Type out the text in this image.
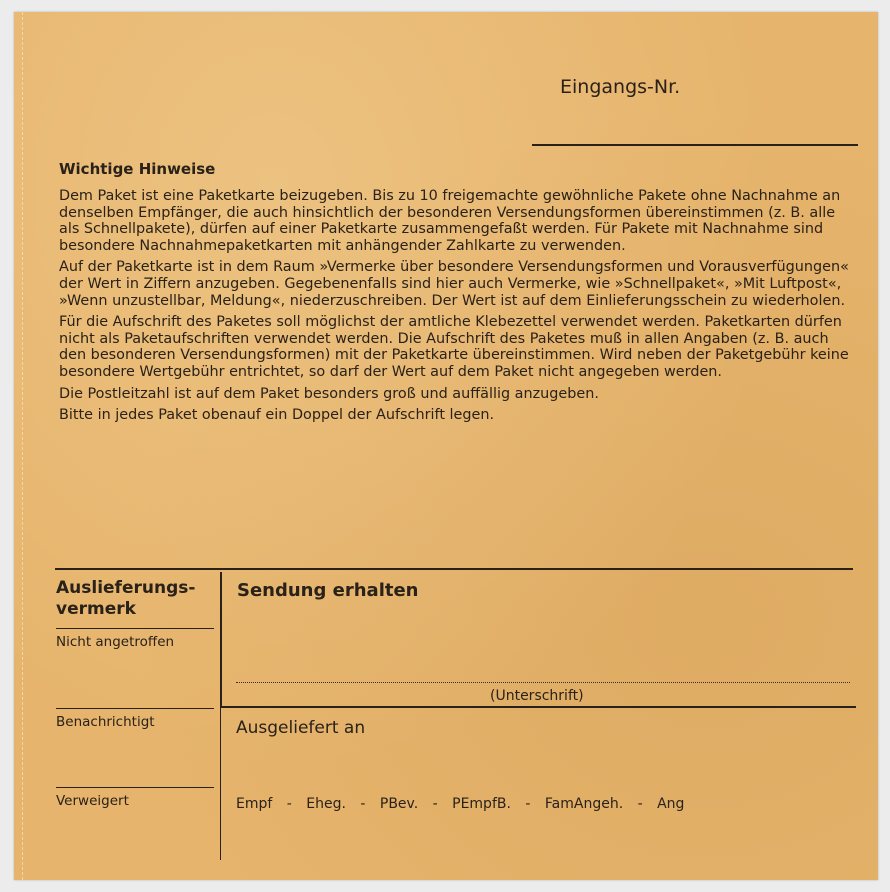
Eingangs-Nr.
Wichtige Hinweise

Dem Paket ist eine Paketkarte beizugeben. Bis zu 10 freigemachte gewöhnliche Pakete ohne Nachnahme an denselben Empfänger, die auch hinsichtlich der besonderen Versendungsformen übereinstimmen (z. B. alle als Schnellpakete), dürfen auf einer Paketkarte zusammengefaßt werden. Für Pakete mit Nachnahme sind besondere Nachnahmepaketkarten mit anhängender Zahlkarte zu verwenden.

Auf der Paketkarte ist in dem Raum »Vermerke über besondere Versendungsformen und Vorausverfügungen« der Wert in Ziffern anzugeben. Gegebenenfalls sind hier auch Vermerke, wie »Schnellpaket«, »Mit Luftpost«, »Wenn unzustellbar, Meldung«, niederzuschreiben. Der Wert ist auf dem Einlieferungsschein zu wiederholen.

Für die Aufschrift des Paketes soll möglichst der amtliche Klebezettel verwendet werden. Paketkarten dürfen nicht als Paketaufschriften verwendet werden. Die Aufschrift des Paketes muß in allen Angaben (z. B. auch den besonderen Versendungsformen) mit der Paketkarte übereinstimmen. Wird neben der Paketgebühr keine besondere Wertgebühr entrichtet, so darf der Wert auf dem Paket nicht angegeben werden.

Die Postleitzahl ist auf dem Paket besonders groß und auffällig anzugeben.

Bitte in jedes Paket obenauf ein Doppel der Aufschrift legen.

Auslieferungs-
vermerk
Nicht angetroffen
Benachrichtigt
Verweigert
Sendung erhalten
(Unterschrift)
Ausgeliefert an
Empf - Eheg. - PBev. - PEmpfB. - FamAngeh. - Ang
